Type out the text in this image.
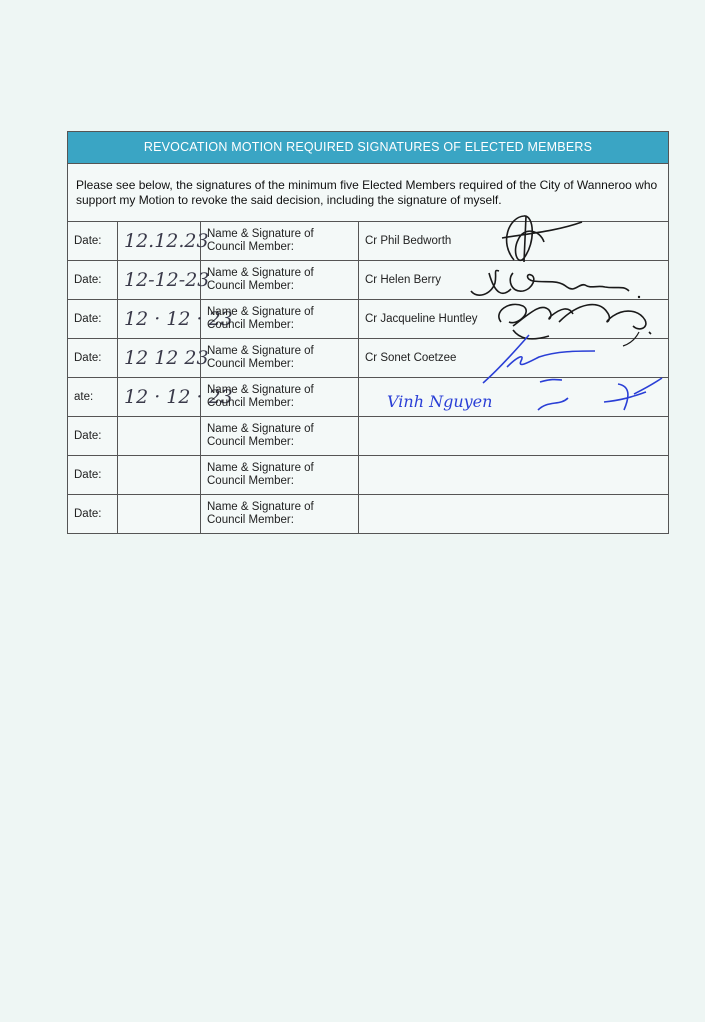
REVOCATION MOTION REQUIRED SIGNATURES OF ELECTED MEMBERS
Please see below, the signatures of the minimum five Elected Members required of the City of Wanneroo who support my Motion to revoke the said decision, including the signature of myself.
Date:	12.12.23	Name & Signature of Council Member:	Cr Phil Bedworth

Date:	12-12-23	Name & Signature of Council Member:	Cr Helen Berry

Date:	12 · 12 · 23	Name & Signature of Council Member:	Cr Jacqueline Huntley

Date:	12 12 23	Name & Signature of Council Member:	Cr Sonet Coetzee

ate:	12 · 12 · 23	Name & Signature of Council Member:	Vinh Nguyen

Date:		Name & Signature of Council Member:	
Date:		Name & Signature of Council Member:	
Date:		Name & Signature of Council Member:	
